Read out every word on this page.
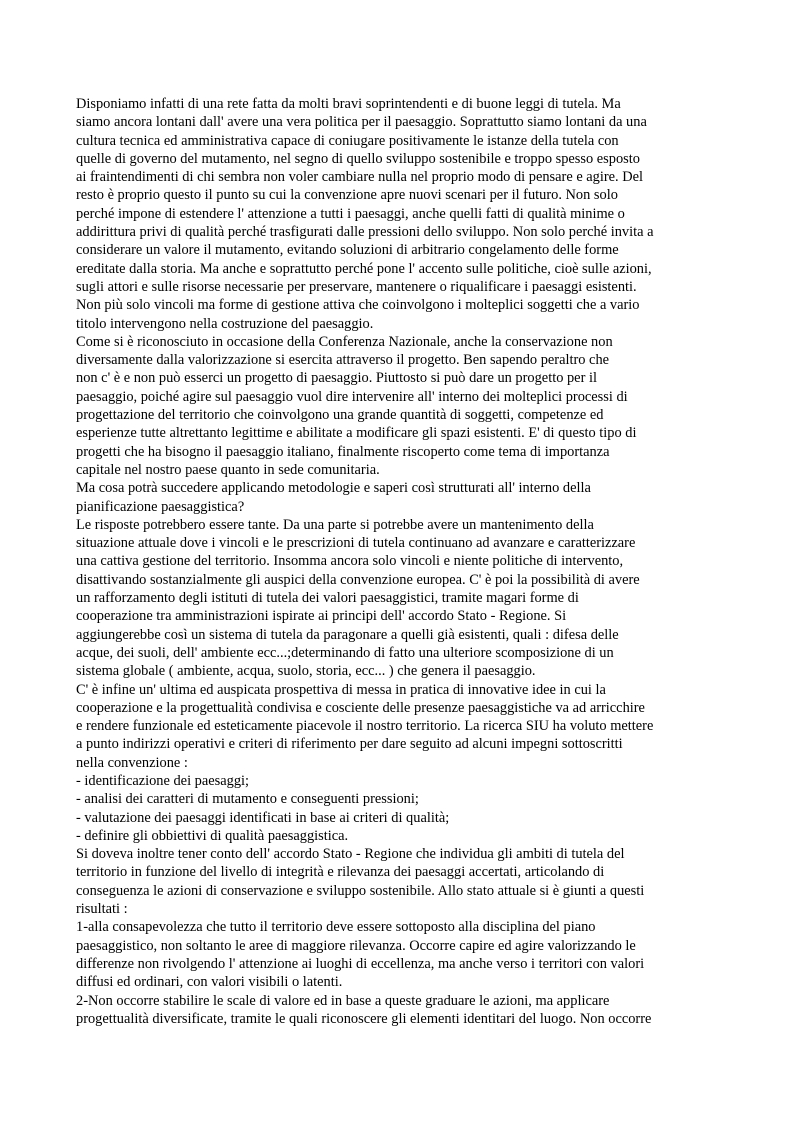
Disponiamo infatti di una rete fatta da molti bravi soprintendenti e di buone leggi di tutela. Ma
siamo ancora lontani dall' avere una vera politica per il paesaggio. Soprattutto siamo lontani da una
cultura tecnica ed amministrativa capace di coniugare positivamente le istanze della tutela con
quelle di governo del mutamento, nel segno di quello sviluppo sostenibile e troppo spesso esposto
ai fraintendimenti di chi sembra non voler cambiare nulla nel proprio modo di pensare e agire. Del
resto è proprio questo il punto su cui la convenzione apre nuovi scenari per il futuro. Non solo
perché impone di estendere l' attenzione a tutti i paesaggi, anche quelli fatti di qualità minime o
addirittura privi di qualità perché trasfigurati dalle pressioni dello sviluppo. Non solo perché invita a
considerare un valore il mutamento, evitando soluzioni di arbitrario congelamento delle forme
ereditate dalla storia. Ma anche e soprattutto perché pone l' accento sulle politiche, cioè sulle azioni,
sugli attori e sulle risorse necessarie per preservare, mantenere o riqualificare i paesaggi esistenti.
Non più solo vincoli ma forme di gestione attiva che coinvolgono i molteplici soggetti che a vario
titolo intervengono nella costruzione del paesaggio.
Come si è riconosciuto in occasione della Conferenza Nazionale, anche la conservazione non
diversamente dalla valorizzazione si esercita attraverso il progetto. Ben sapendo peraltro che
non c' è e non può esserci un progetto di paesaggio. Piuttosto si può dare un progetto per il
paesaggio, poiché agire sul paesaggio vuol dire intervenire all' interno dei molteplici processi di
progettazione del territorio che coinvolgono una grande quantità di soggetti, competenze ed
esperienze tutte altrettanto legittime e abilitate a modificare gli spazi esistenti. E' di questo tipo di
progetti che ha bisogno il paesaggio italiano, finalmente riscoperto come tema di importanza
capitale nel nostro paese quanto in sede comunitaria.
Ma cosa potrà succedere applicando metodologie e saperi così strutturati all' interno della
pianificazione paesaggistica?
Le risposte potrebbero essere tante. Da una parte si potrebbe avere un mantenimento della
situazione attuale dove i vincoli e le prescrizioni di tutela continuano ad avanzare e caratterizzare
una cattiva gestione del territorio. Insomma ancora solo vincoli e niente politiche di intervento,
disattivando sostanzialmente gli auspici della convenzione europea. C' è poi la possibilità di avere
un rafforzamento degli istituti di tutela dei valori paesaggistici, tramite magari forme di
cooperazione tra amministrazioni ispirate ai principi dell' accordo Stato - Regione. Si
aggiungerebbe così un sistema di tutela da paragonare a quelli già esistenti, quali : difesa delle
acque, dei suoli, dell' ambiente ecc...;determinando di fatto una ulteriore scomposizione di un
sistema globale ( ambiente, acqua, suolo, storia, ecc... ) che genera il paesaggio.
C' è infine un' ultima ed auspicata prospettiva di messa in pratica di innovative idee in cui la
cooperazione e la progettualità condivisa e cosciente delle presenze paesaggistiche va ad arricchire
e rendere funzionale ed esteticamente piacevole il nostro territorio. La ricerca SIU ha voluto mettere
a punto indirizzi operativi e criteri di riferimento per dare seguito ad alcuni impegni sottoscritti
nella convenzione :
- identificazione dei paesaggi;
- analisi dei caratteri di mutamento e conseguenti pressioni;
- valutazione dei paesaggi identificati in base ai criteri di qualità;
- definire gli obbiettivi di qualità paesaggistica.
Si doveva inoltre tener conto dell' accordo Stato - Regione che individua gli ambiti di tutela del
territorio in funzione del livello di integrità e rilevanza dei paesaggi accertati, articolando di
conseguenza le azioni di conservazione e sviluppo sostenibile. Allo stato attuale si è giunti a questi
risultati :
1-alla consapevolezza che tutto il territorio deve essere sottoposto alla disciplina del piano
paesaggistico, non soltanto le aree di maggiore rilevanza. Occorre capire ed agire valorizzando le
differenze non rivolgendo l' attenzione ai luoghi di eccellenza, ma anche verso i territori con valori
diffusi ed ordinari, con valori visibili o latenti.
2-Non occorre stabilire le scale di valore ed in base a queste graduare le azioni, ma applicare
progettualità diversificate, tramite le quali riconoscere gli elementi identitari del luogo. Non occorre
